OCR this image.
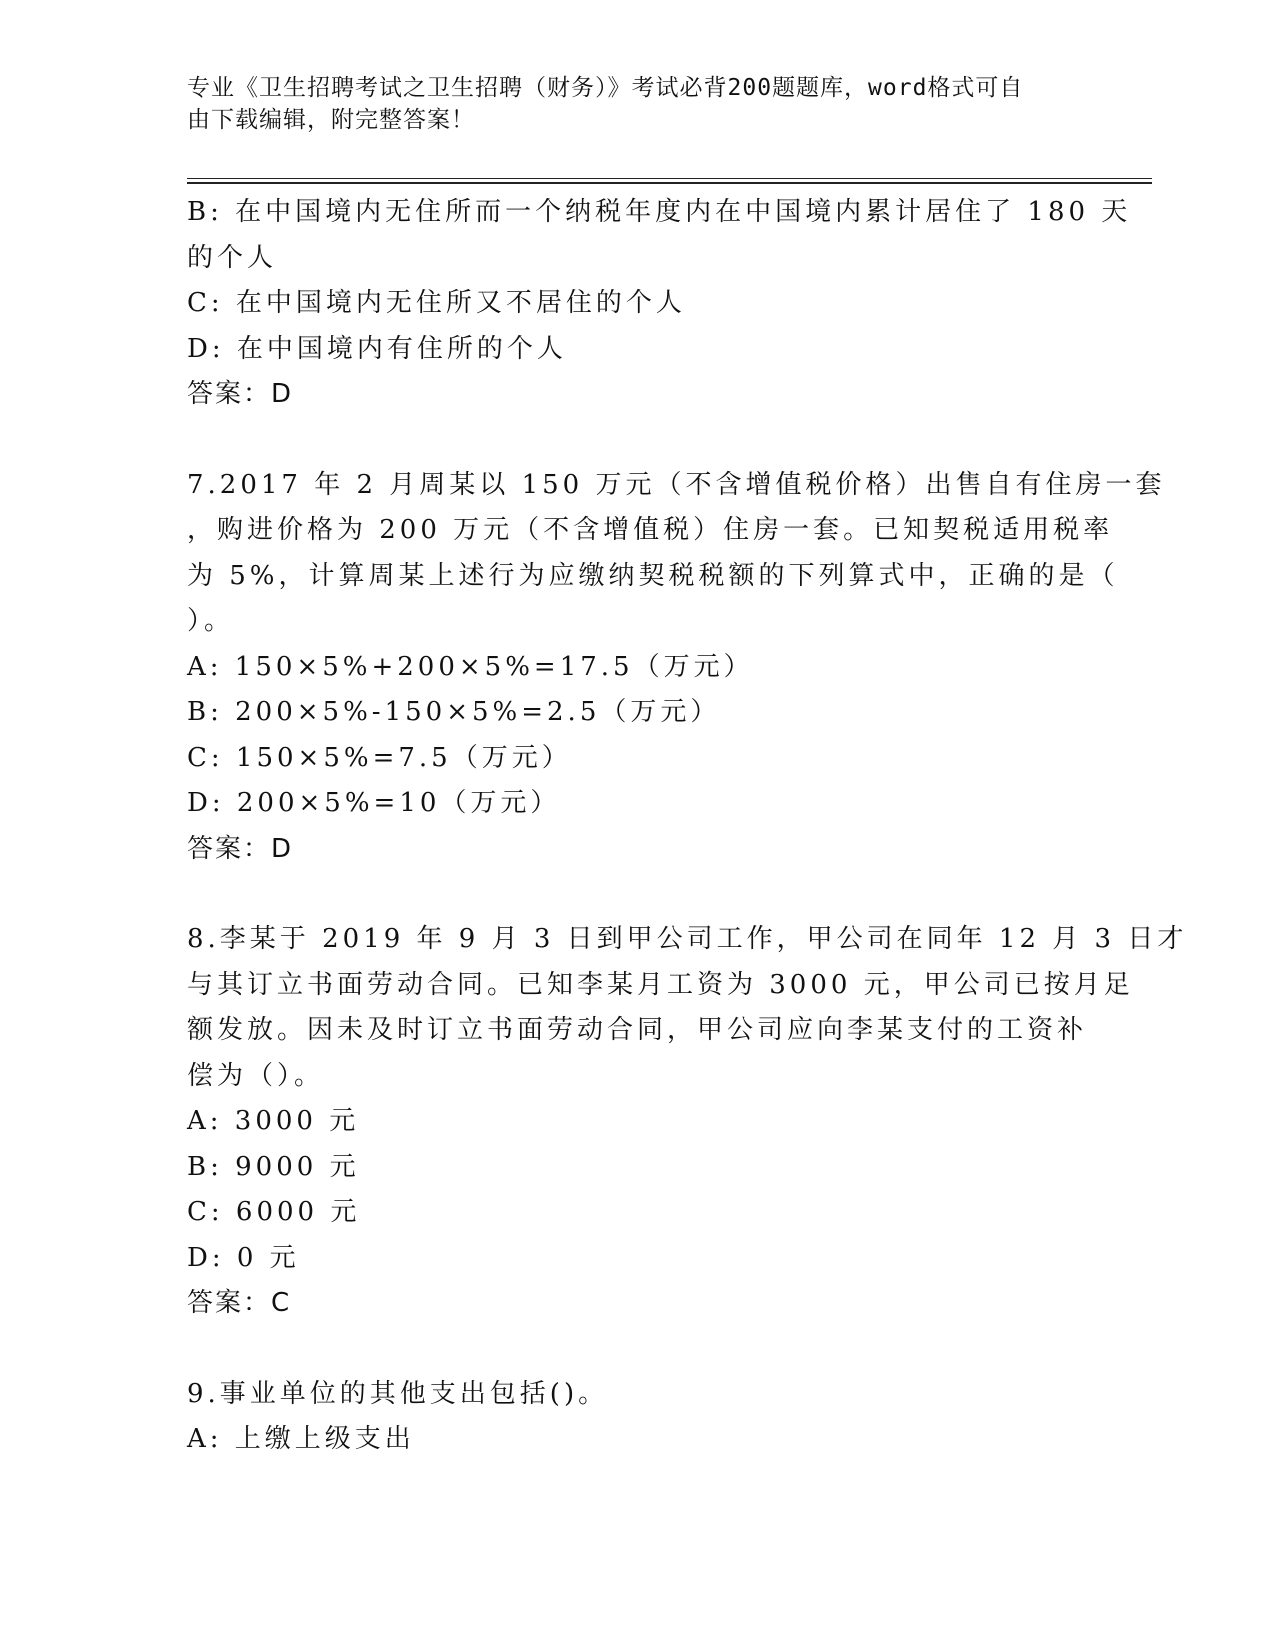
专业《卫生招聘考试之卫生招聘（财务）》考试必背200题题库，word格式可自
由下载编辑，附完整答案！
B: 在中国境内无住所而一个纳税年度内在中国境内累计居住了 180 天
的个人
C: 在中国境内无住所又不居住的个人
D: 在中国境内有住所的个人
答案：D
7.2017 年 2 月周某以 150 万元（不含增值税价格）出售自有住房一套
，购进价格为 200 万元（不含增值税）住房一套。已知契税适用税率
为 5%，计算周某上述行为应缴纳契税税额的下列算式中，正确的是（
）。
A: 150×5%+200×5%=17.5（万元）
B: 200×5%-150×5%=2.5（万元）
C: 150×5%=7.5（万元）
D: 200×5%=10（万元）
答案：D
8.李某于 2019 年 9 月 3 日到甲公司工作，甲公司在同年 12 月 3 日才
与其订立书面劳动合同。已知李某月工资为 3000 元，甲公司已按月足
额发放。因未及时订立书面劳动合同，甲公司应向李某支付的工资补
偿为（）。
A: 3000 元
B: 9000 元
C: 6000 元
D: 0 元
答案：C
9.事业单位的其他支出包括()。
A: 上缴上级支出
